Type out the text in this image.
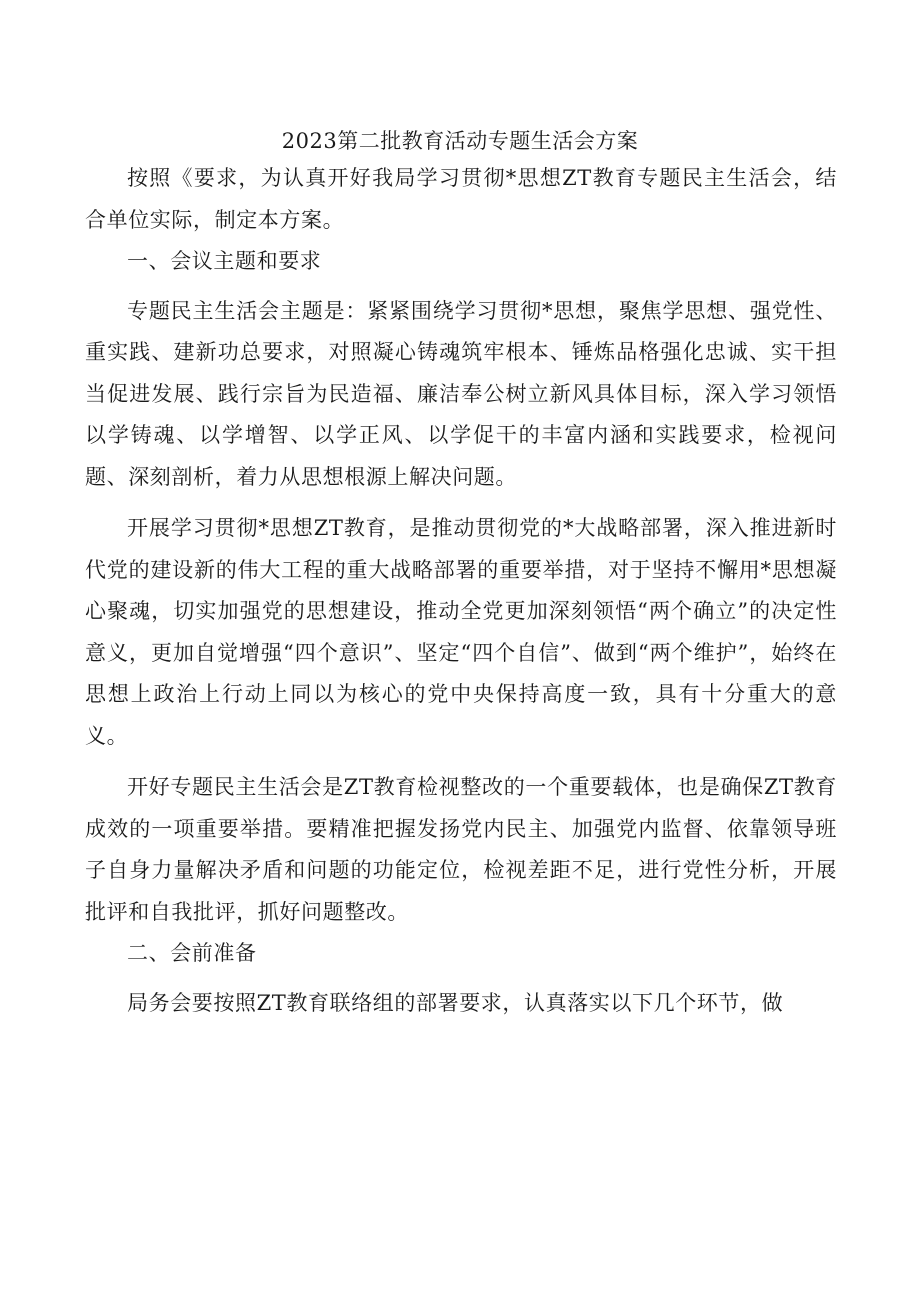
2023第二批教育活动专题生活会方案

按照《要求，为认真开好我局学习贯彻*思想ZT教育专题民主生活会，结合单位实际，制定本方案。

一、会议主题和要求

专题民主生活会主题是：紧紧围绕学习贯彻*思想，聚焦学思想、强党性、重实践、建新功总要求，对照凝心铸魂筑牢根本、锤炼品格强化忠诚、实干担当促进发展、践行宗旨为民造福、廉洁奉公树立新风具体目标，深入学习领悟以学铸魂、以学增智、以学正风、以学促干的丰富内涵和实践要求，检视问题、深刻剖析，着力从思想根源上解决问题。

开展学习贯彻*思想ZT教育，是推动贯彻党的*大战略部署，深入推进新时代党的建设新的伟大工程的重大战略部署的重要举措，对于坚持不懈用*思想凝心聚魂，切实加强党的思想建设，推动全党更加深刻领悟“两个确立”的决定性意义，更加自觉增强“四个意识”、坚定“四个自信”、做到“两个维护”，始终在思想上政治上行动上同以为核心的党中央保持高度一致，具有十分重大的意义。

开好专题民主生活会是ZT教育检视整改的一个重要载体，也是确保ZT教育成效的一项重要举措。要精准把握发扬党内民主、加强党内监督、依靠领导班子自身力量解决矛盾和问题的功能定位，检视差距不足，进行党性分析，开展批评和自我批评，抓好问题整改。

二、会前准备

局务会要按照ZT教育联络组的部署要求，认真落实以下几个环节，做
